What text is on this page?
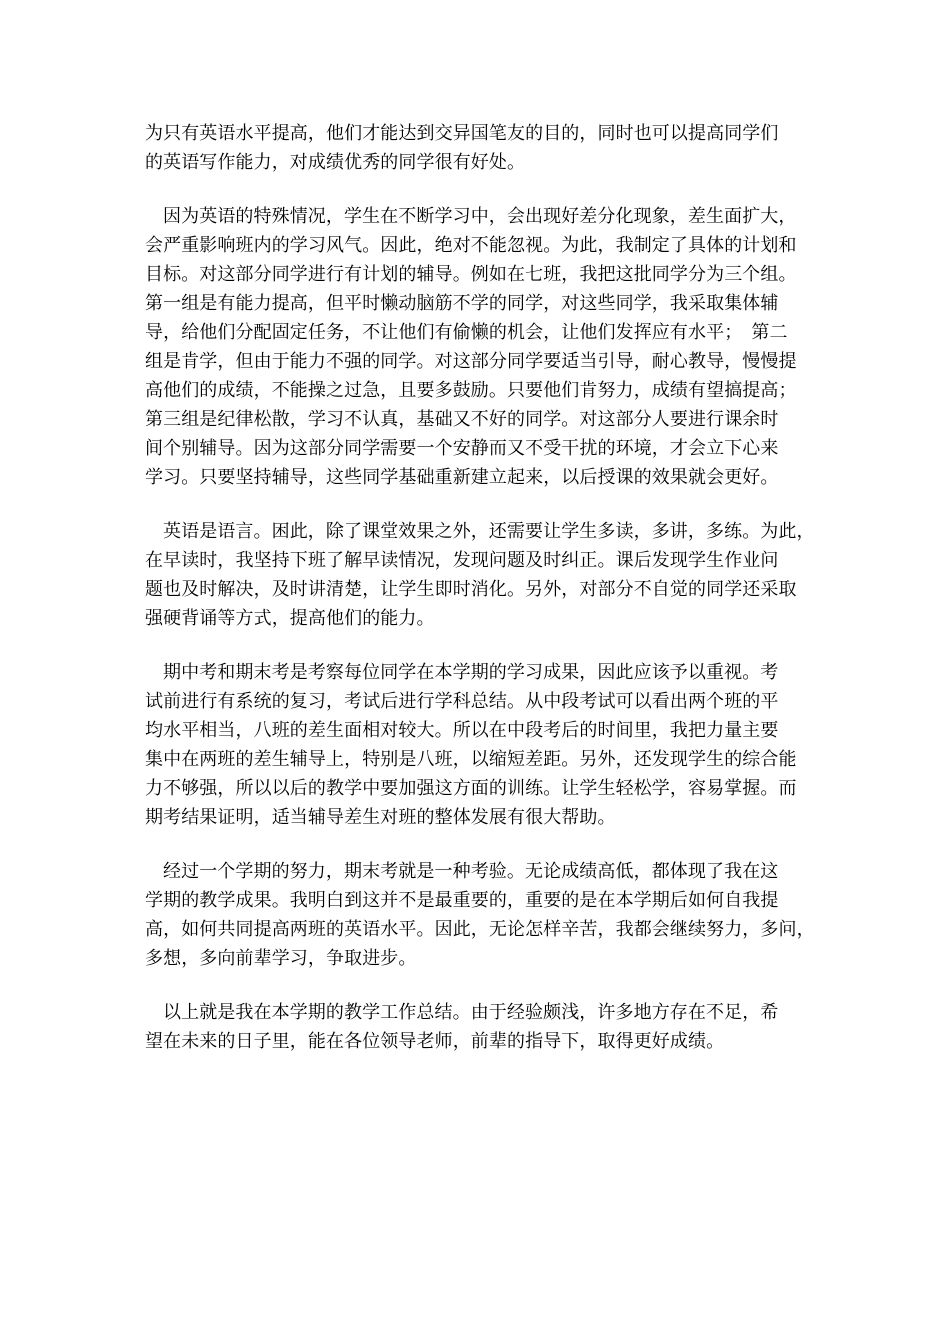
为只有英语水平提高，他们才能达到交异国笔友的目的，同时也可以提高同学们
的英语写作能力，对成绩优秀的同学很有好处。
因为英语的特殊情况，学生在不断学习中，会出现好差分化现象，差生面扩大，
会严重影响班内的学习风气。因此，绝对不能忽视。为此，我制定了具体的计划和
目标。对这部分同学进行有计划的辅导。例如在七班，我把这批同学分为三个组。
第一组是有能力提高，但平时懒动脑筋不学的同学，对这些同学，我采取集体辅
导，给他们分配固定任务，不让他们有偷懒的机会，让他们发挥应有水平；　第二
组是肯学，但由于能力不强的同学。对这部分同学要适当引导，耐心教导，慢慢提
高他们的成绩，不能操之过急，且要多鼓励。只要他们肯努力，成绩有望搞提高；
第三组是纪律松散，学习不认真，基础又不好的同学。对这部分人要进行课余时
间个别辅导。因为这部分同学需要一个安静而又不受干扰的环境，才会立下心来
学习。只要坚持辅导，这些同学基础重新建立起来，以后授课的效果就会更好。
英语是语言。困此，除了课堂效果之外，还需要让学生多读，多讲，多练。为此，
在早读时，我坚持下班了解早读情况，发现问题及时纠正。课后发现学生作业问
题也及时解决，及时讲清楚，让学生即时消化。另外，对部分不自觉的同学还采取
强硬背诵等方式，提高他们的能力。
期中考和期末考是考察每位同学在本学期的学习成果，因此应该予以重视。考
试前进行有系统的复习，考试后进行学科总结。从中段考试可以看出两个班的平
均水平相当，八班的差生面相对较大。所以在中段考后的时间里，我把力量主要
集中在两班的差生辅导上，特别是八班，以缩短差距。另外，还发现学生的综合能
力不够强，所以以后的教学中要加强这方面的训练。让学生轻松学，容易掌握。而
期考结果证明，适当辅导差生对班的整体发展有很大帮助。
经过一个学期的努力，期末考就是一种考验。无论成绩高低，都体现了我在这
学期的教学成果。我明白到这并不是最重要的，重要的是在本学期后如何自我提
高，如何共同提高两班的英语水平。因此，无论怎样辛苦，我都会继续努力，多问，
多想，多向前辈学习，争取进步。
以上就是我在本学期的教学工作总结。由于经验颇浅，许多地方存在不足，希
望在未来的日子里，能在各位领导老师，前辈的指导下，取得更好成绩。
